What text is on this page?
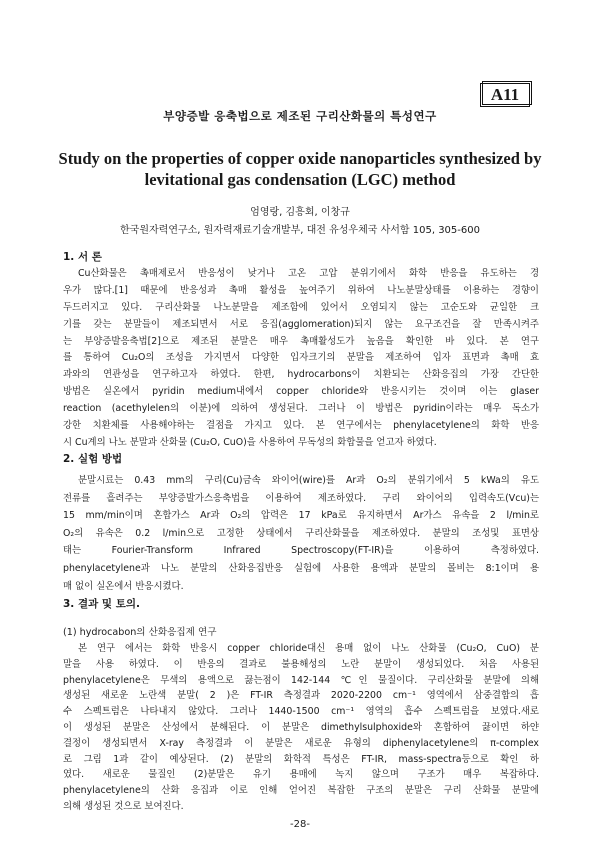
A11
부양증발 응축법으로 제조된 구리산화물의 특성연구
Study on the properties of copper oxide nanoparticles synthesized by
levitational gas condensation (LGC) method
엄영랑, 김흥회, 이창규
한국원자력연구소, 원자력재료기술개발부, 대전 유성우체국 사서함 105, 305-600
1. 서 론
Cu산화물은 촉매제로서 반응성이 낮거나 고온 고압 분위기에서 화학 반응을 유도하는 경
우가 많다.[1] 때문에 반응성과 촉매 활성을 높여주기 위하여 나노분말상태를 이용하는 경향이
두드러지고 있다. 구리산화물 나노분말을 제조함에 있어서 오염되지 않는 고순도와 균일한 크
기를 갖는 분말들이 제조되면서 서로 응집(agglomeration)되지 않는 요구조건을 잘 만족시켜주
는 부양증발응축법[2]으로 제조된 분말은 매우 촉매활성도가 높음을 확인한 바 있다. 본 연구
를 통하여 Cu₂O의 조성을 가지면서 다양한 입자크기의 분말을 제조하여 입자 표면과 촉매 효
과와의 연관성을 연구하고자 하였다. 한편, hydrocarbons이 치환되는 산화응집의 가장 간단한
방법은 실온에서 pyridin medium내에서 copper chloride와 반응시키는 것이며 이는 glaser
reaction (acethylelen의 이분)에 의하여 생성된다. 그러나 이 방법은 pyridin이라는 매우 독소가
강한 치환체를 사용해야하는 결점을 가지고 있다. 본 연구에서는 phenylacetylene의 화학 반응
시 Cu계의 나노 분말과 산화물 (Cu₂O, CuO)을 사용하여 무독성의 화합물을 얻고자 하였다.
2. 실험 방법
분말시료는 0.43 mm의 구리(Cu)금속 와이어(wire)를 Ar과 O₂의 분위기에서 5 kWa의 유도
전류를 흘려주는 부양증발가스응축법을 이용하여 제조하였다. 구리 와이어의 입력속도(Vcu)는
15 mm/min이며 혼합가스 Ar과 O₂의 압력은 17 kPa로 유지하면서 Ar가스 유속을 2 l/min로
O₂의 유속은 0.2 l/min으로 고정한 상태에서 구리산화물을 제조하였다. 분말의 조성및 표면상
태는 Fourier-Transform Infrared Spectroscopy(FT-IR)을 이용하여 측정하였다.
phenylacetylene과 나노 분말의 산화응집반응 실험에 사용한 용액과 분말의 몰비는 8:1이며 용
매 없이 실온에서 반응시켰다.
3. 결과 및 토의.
(1) hydrocabon의 산화응집제 연구
본 연구 에서는 화학 반응시 copper chloride대신 용매 없이 나노 산화물 (Cu₂O, CuO) 분
말을 사용 하였다. 이 반응의 결과로 불용해성의 노란 분말이 생성되었다. 처음 사용된
phenylacetylene은 무색의 용액으로 끓는점이 142-144 ℃인 물질이다. 구리산화물 분말에 의해
생성된 새로운 노란색 분말( 2 )은 FT-IR 측정결과 2020-2200 cm⁻¹ 영역에서 삼중결합의 흡
수 스펙트럼은 나타내지 않았다. 그러나 1440-1500 cm⁻¹ 영역의 흡수 스펙트럼을 보였다.새로
이 생성된 분말은 산성에서 분해된다. 이 분말은 dimethylsulphoxide와 혼합하여 끓이면 하얀
결정이 생성되면서 X-ray 측정결과 이 분말은 새로운 유형의 diphenylacetylene의 π-complex
로 그림 1과 같이 예상된다. (2) 분말의 화학적 특성은 FT-IR, mass-spectra등으로 확인 하
였다. 새로운 물질인 (2)분말은 유기 용매에 녹지 않으며 구조가 매우 복잡하다.
phenylacetylene의 산화 응집과 이로 인해 얻어진 복잡한 구조의 분말은 구리 산화물 분말에
의해 생성된 것으로 보여진다.
-28-
